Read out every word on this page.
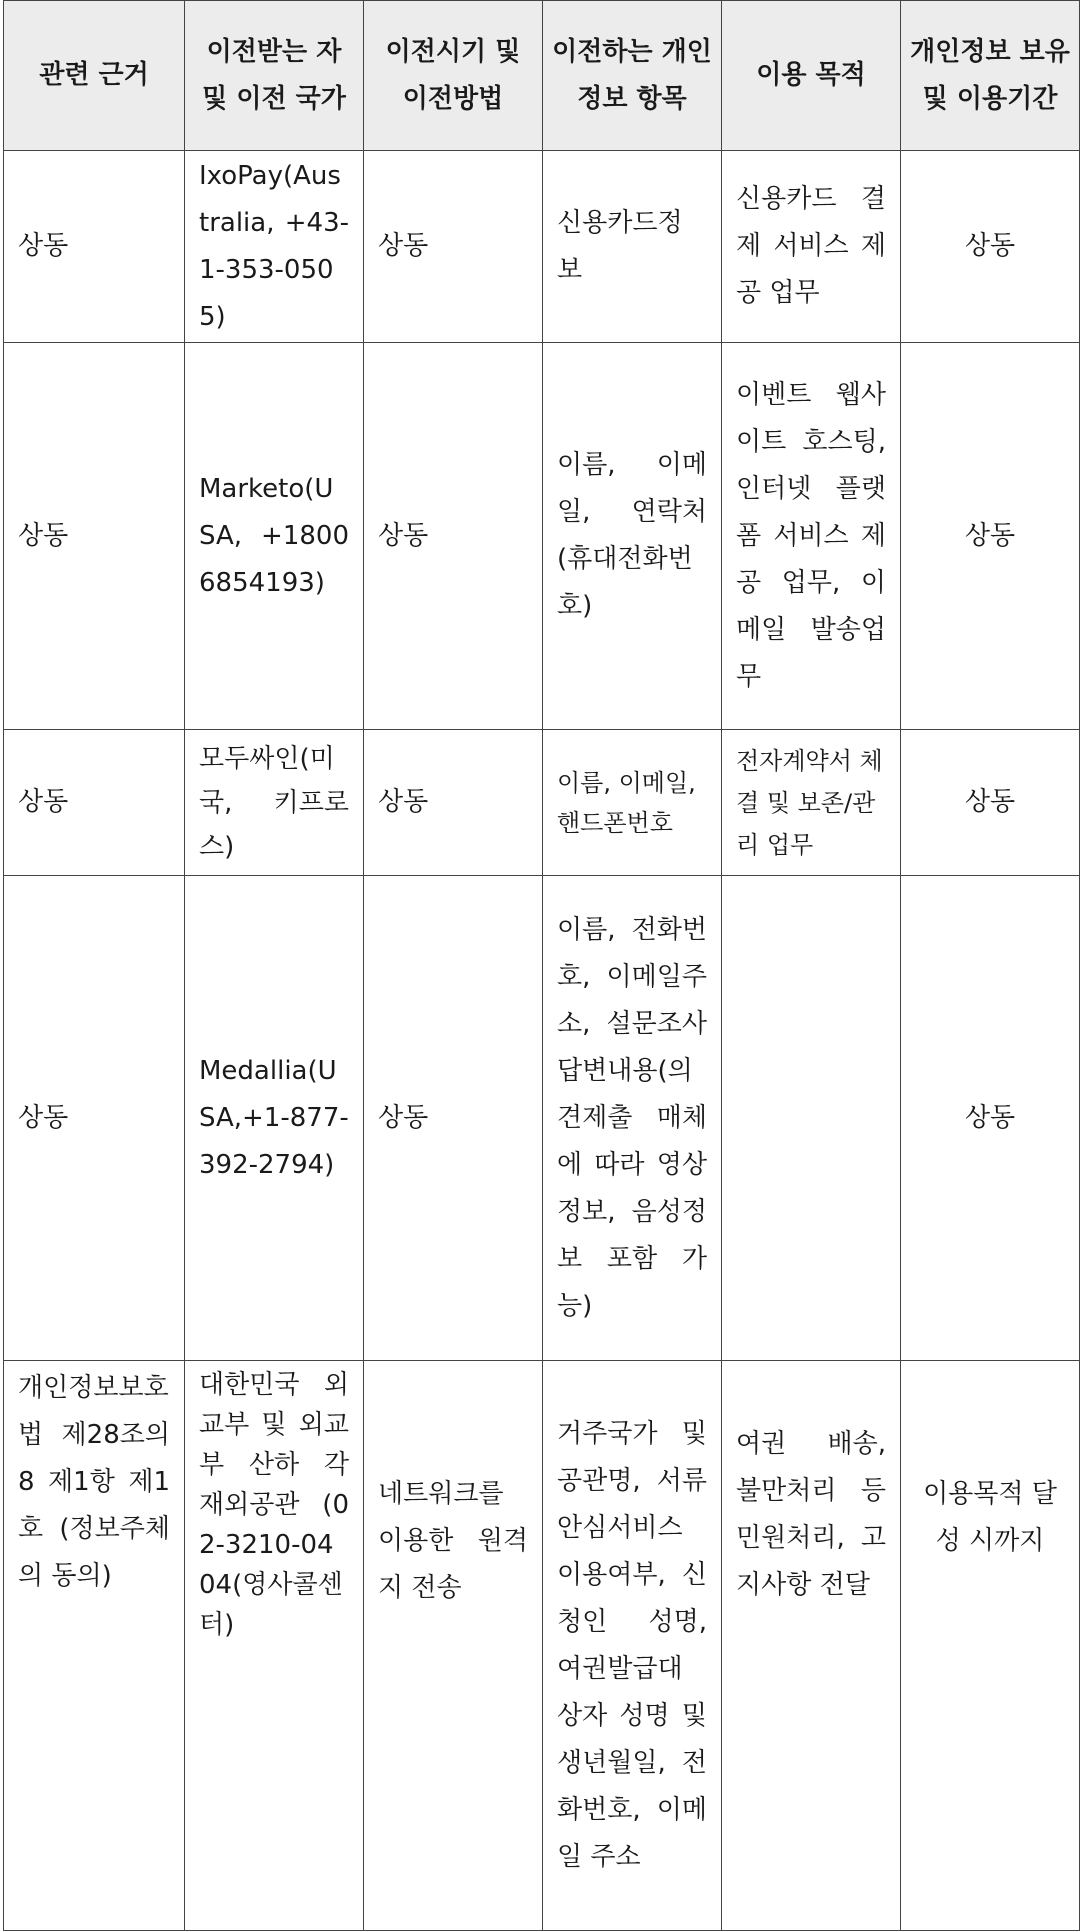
관련 근거	이전받는 자 및 이전 국가	이전시기 및 이전방법	이전하는 개인정보 항목	이용 목적	개인정보 보유 및 이용기간
상동	IxoPay(Australia, +43-1-353-0505)	상동	신용카드정보	신용카드 결제 서비스 제공 업무	상동
상동	Marketo(USA, +18006854193)	상동	이름, 이메일, 연락처(휴대전화번호)	이벤트 웹사이트 호스팅, 인터넷 플랫폼 서비스 제공 업무, 이메일 발송업무	상동
상동	모두싸인(미국, 키프로스)	상동	이름, 이메일, 핸드폰번호	전자계약서 체결 및 보존/관리 업무	상동
상동	Medallia(USA,+1-877-392-2794)	상동	이름, 전화번호, 이메일주소, 설문조사 답변내용(의견제출 매체에 따라 영상정보, 음성정보 포함 가능)		상동
개인정보보호법 제28조의8 제1항 제1호 (정보주체의 동의)	대한민국 외교부 및 외교부 산하 각 재외공관 (02-3210-0404(영사콜센터)	네트워크를 이용한 원격지 전송	거주국가 및 공관명, 서류안심서비스 이용여부, 신청인 성명, 여권발급대상자 성명 및 생년월일, 전화번호, 이메일 주소	여권 배송, 불만처리 등 민원처리, 고지사항 전달	이용목적 달성 시까지
